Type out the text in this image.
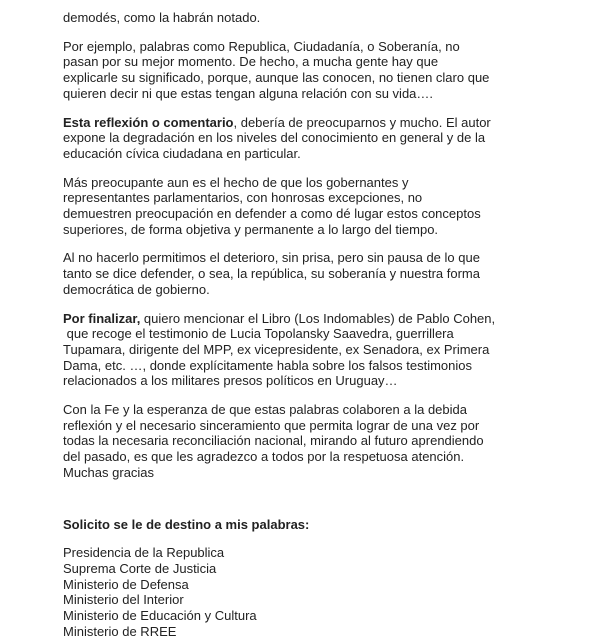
demodés, como la habrán notado.

Por ejemplo, palabras como Republica, Ciudadanía, o Soberanía, no
pasan por su mejor momento. De hecho, a mucha gente hay que
explicarle su significado, porque, aunque las conocen, no tienen claro que
quieren decir ni que estas tengan alguna relación con su vida….

Esta reflexión o comentario, debería de preocuparnos y mucho. El autor
expone la degradación en los niveles del conocimiento en general y de la
educación cívica ciudadana en particular.

Más preocupante aun es el hecho de que los gobernantes y
representantes parlamentarios, con honrosas excepciones, no
demuestren preocupación en defender a como dé lugar estos conceptos
superiores, de forma objetiva y permanente a lo largo del tiempo.

Al no hacerlo permitimos el deterioro, sin prisa, pero sin pausa de lo que
tanto se dice defender, o sea, la república, su soberanía y nuestra forma
democrática de gobierno.

Por finalizar, quiero mencionar el Libro (Los Indomables) de Pablo Cohen,
que recoge el testimonio de Lucia Topolansky Saavedra, guerrillera
Tupamara, dirigente del MPP, ex vicepresidente, ex Senadora, ex Primera
Dama, etc. …, donde explícitamente habla sobre los falsos testimonios
relacionados a los militares presos políticos en Uruguay…

Con la Fe y la esperanza de que estas palabras colaboren a la debida
reflexión y el necesario sinceramiento que permita lograr de una vez por
todas la necesaria reconciliación nacional, mirando al futuro aprendiendo
del pasado, es que les agradezco a todos por la respetuosa atención.
Muchas gracias

Solicito se le de destino a mis palabras:

Presidencia de la Republica
Suprema Corte de Justicia
Ministerio de Defensa
Ministerio del Interior
Ministerio de Educación y Cultura
Ministerio de RREE
